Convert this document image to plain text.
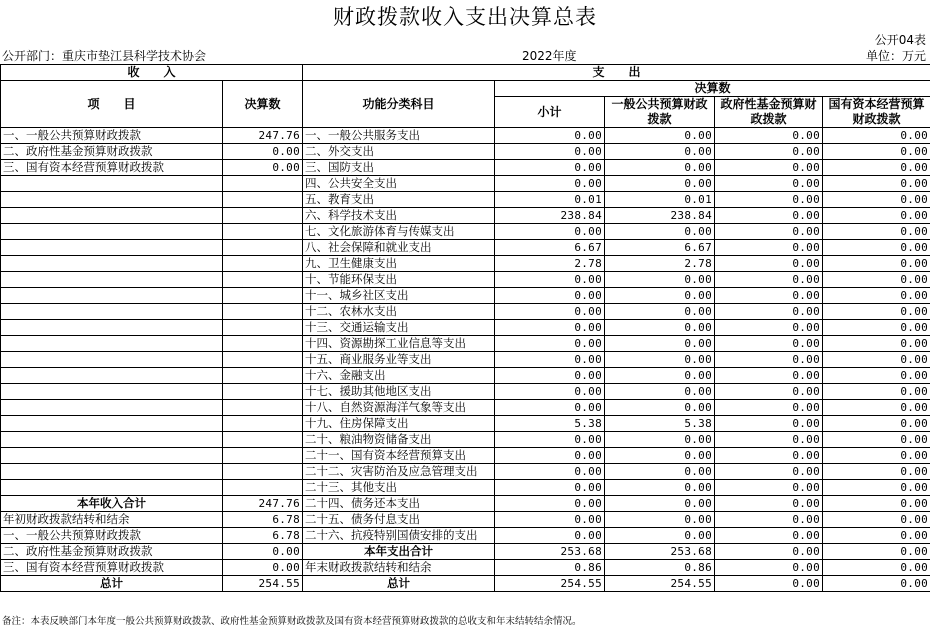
财政拨款收入支出决算总表
公开04表
公开部门：重庆市垫江县科学技术协会	2022年度	单位：万元
收　　入		支　　出				
项　　目	决算数	功能分类科目	决算数			
			小计	一般公共预算财政拨款	政府性基金预算财政拨款	国有资本经营预算财政拨款

一、一般公共预算财政拨款	247.76	一、一般公共服务支出	0.00	0.00	0.00	0.00
二、政府性基金预算财政拨款	0.00	二、外交支出	0.00	0.00	0.00	0.00
三、国有资本经营预算财政拨款	0.00	三、国防支出	0.00	0.00	0.00	0.00
		四、公共安全支出	0.00	0.00	0.00	0.00
		五、教育支出	0.01	0.01	0.00	0.00
		六、科学技术支出	238.84	238.84	0.00	0.00
		七、文化旅游体育与传媒支出	0.00	0.00	0.00	0.00
		八、社会保障和就业支出	6.67	6.67	0.00	0.00
		九、卫生健康支出	2.78	2.78	0.00	0.00
		十、节能环保支出	0.00	0.00	0.00	0.00
		十一、城乡社区支出	0.00	0.00	0.00	0.00
		十二、农林水支出	0.00	0.00	0.00	0.00
		十三、交通运输支出	0.00	0.00	0.00	0.00
		十四、资源勘探工业信息等支出	0.00	0.00	0.00	0.00
		十五、商业服务业等支出	0.00	0.00	0.00	0.00
		十六、金融支出	0.00	0.00	0.00	0.00
		十七、援助其他地区支出	0.00	0.00	0.00	0.00
		十八、自然资源海洋气象等支出	0.00	0.00	0.00	0.00
		十九、住房保障支出	5.38	5.38	0.00	0.00
		二十、粮油物资储备支出	0.00	0.00	0.00	0.00
		二十一、国有资本经营预算支出	0.00	0.00	0.00	0.00
		二十二、灾害防治及应急管理支出	0.00	0.00	0.00	0.00
		二十三、其他支出	0.00	0.00	0.00	0.00
本年收入合计	247.76	二十四、债务还本支出	0.00	0.00	0.00	0.00
年初财政拨款结转和结余	6.78	二十五、债务付息支出	0.00	0.00	0.00	0.00
一、一般公共预算财政拨款	6.78	二十六、抗疫特别国债安排的支出	0.00	0.00	0.00	0.00
二、政府性基金预算财政拨款	0.00	本年支出合计	253.68	253.68	0.00	0.00
三、国有资本经营预算财政拨款	0.00	年末财政拨款结转和结余	0.86	0.86	0.00	0.00
总计	254.55	总计	254.55	254.55	0.00	0.00
备注：本表反映部门本年度一般公共预算财政拨款、政府性基金预算财政拨款及国有资本经营预算财政拨款的总收支和年末结转结余情况。
